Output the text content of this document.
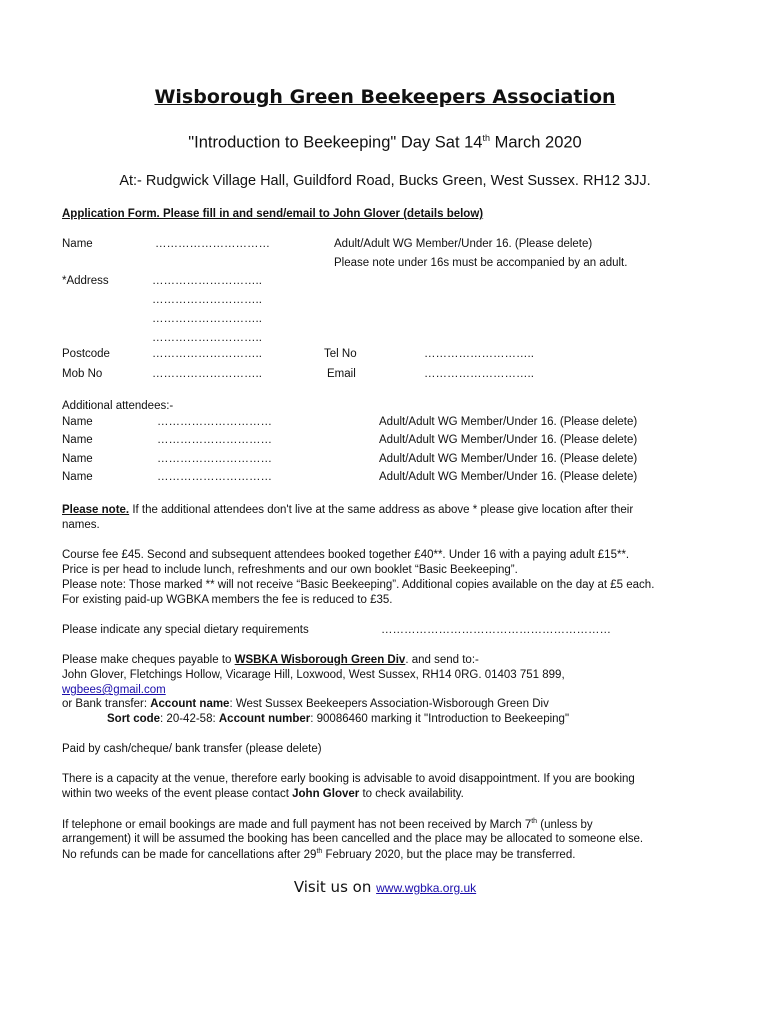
Wisborough Green Beekeepers Association
"Introduction to Beekeeping" Day Sat 14th March 2020
At:- Rudgwick Village Hall, Guildford Road, Bucks Green, West Sussex. RH12 3JJ.
Application Form. Please fill in and send/email to John Glover (details below)
Name	…………………………	Adult/Adult WG Member/Under 16. (Please delete)
Please note under 16s must be accompanied by an adult.
*Address	………………………..
………………………..
………………………..
………………………..
Postcode	………………………..	Tel No	………………………..
Mob No	………………………..	Email	………………………..
Additional attendees:-
Name	…………………………	Adult/Adult WG Member/Under 16. (Please delete)
Name	…………………………	Adult/Adult WG Member/Under 16. (Please delete)
Name	…………………………	Adult/Adult WG Member/Under 16. (Please delete)
Name	…………………………	Adult/Adult WG Member/Under 16. (Please delete)
Please note. If the additional attendees don't live at the same address as above * please give location after their
names.
Course fee £45. Second and subsequent attendees booked together £40**. Under 16 with a paying adult £15**.
Price is per head to include lunch, refreshments and our own booklet “Basic Beekeeping”.
Please note: Those marked ** will not receive “Basic Beekeeping”. Additional copies available on the day at £5 each.
For existing paid-up WGBKA members the fee is reduced to £35.
Please indicate any special dietary requirements	……………………………………………………
Please make cheques payable to WSBKA Wisborough Green Div. and send to:-
John Glover, Fletchings Hollow, Vicarage Hill, Loxwood, West Sussex, RH14 0RG. 01403 751 899,
wgbees@gmail.com
or Bank transfer: Account name: West Sussex Beekeepers Association-Wisborough Green Div
Sort code: 20-42-58: Account number: 90086460 marking it "Introduction to Beekeeping"
Paid by cash/cheque/ bank transfer (please delete)
There is a capacity at the venue, therefore early booking is advisable to avoid disappointment. If you are booking
within two weeks of the event please contact John Glover to check availability.
If telephone or email bookings are made and full payment has not been received by March 7th (unless by
arrangement) it will be assumed the booking has been cancelled and the place may be allocated to someone else.
No refunds can be made for cancellations after 29th February 2020, but the place may be transferred.
Visit us on www.wgbka.org.uk
